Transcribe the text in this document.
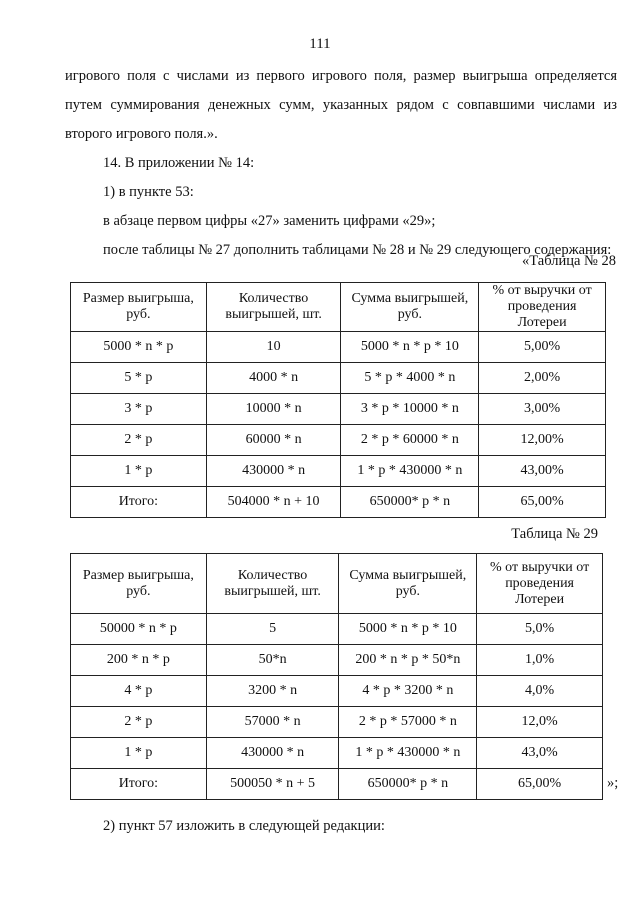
111
игрового поля с числами из первого игрового поля, размер выигрыша определяется
путем суммирования денежных сумм, указанных рядом с совпавшими числами из
второго игрового поля.».
14. В приложении № 14:
1) в пункте 53:
в абзаце первом цифры «27» заменить цифрами «29»;
после таблицы № 27 дополнить таблицами № 28 и № 29 следующего содержания:
«Таблица № 28
Размер выигрыша, руб.	Количество выигрышей, шт.	Сумма выигрышей, руб.	% от выручки от проведения Лотереи
5000 * n * p	10	5000 * n * p * 10	5,00%
5 * p	4000 * n	5 * p * 4000 * n	2,00%
3 * p	10000 * n	3 * p * 10000 * n	3,00%
2 * p	60000 * n	2 * p * 60000 * n	12,00%
1 * p	430000 * n	1 * p * 430000 * n	43,00%
Итого:	504000 * n + 10	650000* p * n	65,00%
Таблица № 29
Размер выигрыша, руб.	Количество выигрышей, шт.	Сумма выигрышей, руб.	% от выручки от проведения Лотереи
50000 * n * p	5	5000 * n * p * 10	5,0%
200 * n * p	50*n	200 * n * p * 50*n	1,0%
4 * p	3200 * n	4 * p * 3200 * n	4,0%
2 * p	57000 * n	2 * p * 57000 * n	12,0%
1 * p	430000 * n	1 * p * 430000 * n	43,0%
Итого:	500050 * n + 5	650000* p * n	65,00%	»;
2) пункт 57 изложить в следующей редакции:
